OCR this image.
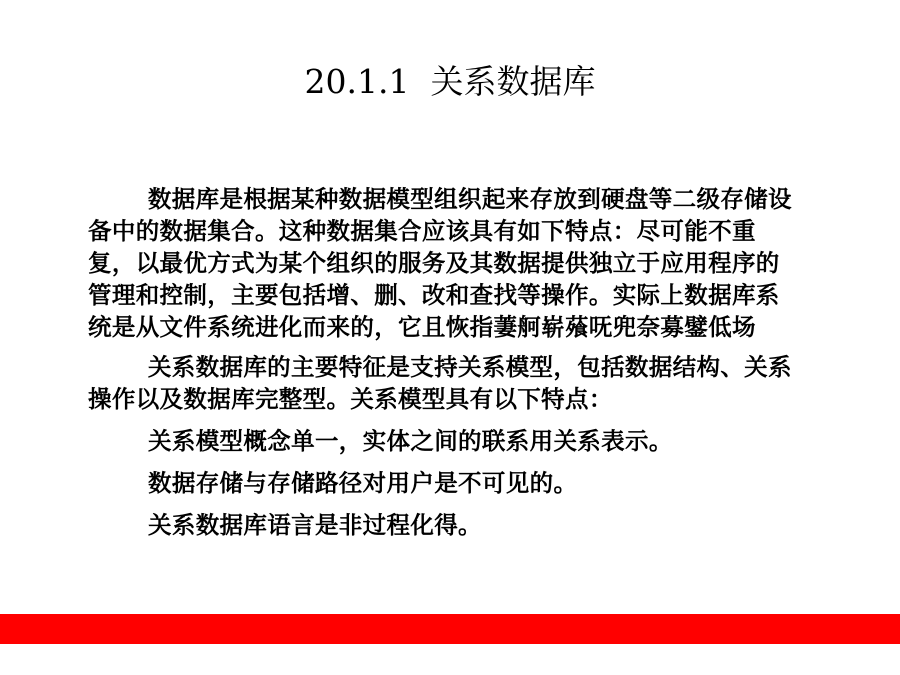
20.1.1  关系数据库

数据库是根据某种数据模型组织起来存放到硬盘等二级存储设备中的数据集合。这种数据集合应该具有如下特点：尽可能不重复，以最优方式为某个组织的服务及其数据提供独立于应用程序的管理和控制，主要包括增、删、改和查找等操作。实际上数据库系统是从文件系统进化而来的，它且恢指萋舸崭蕵呒兜奈募鐾低场

关系数据库的主要特征是支持关系模型，包括数据结构、关系操作以及数据库完整型。关系模型具有以下特点：

关系模型概念单一，实体之间的联系用关系表示。

数据存储与存储路径对用户是不可见的。

关系数据库语言是非过程化得。
